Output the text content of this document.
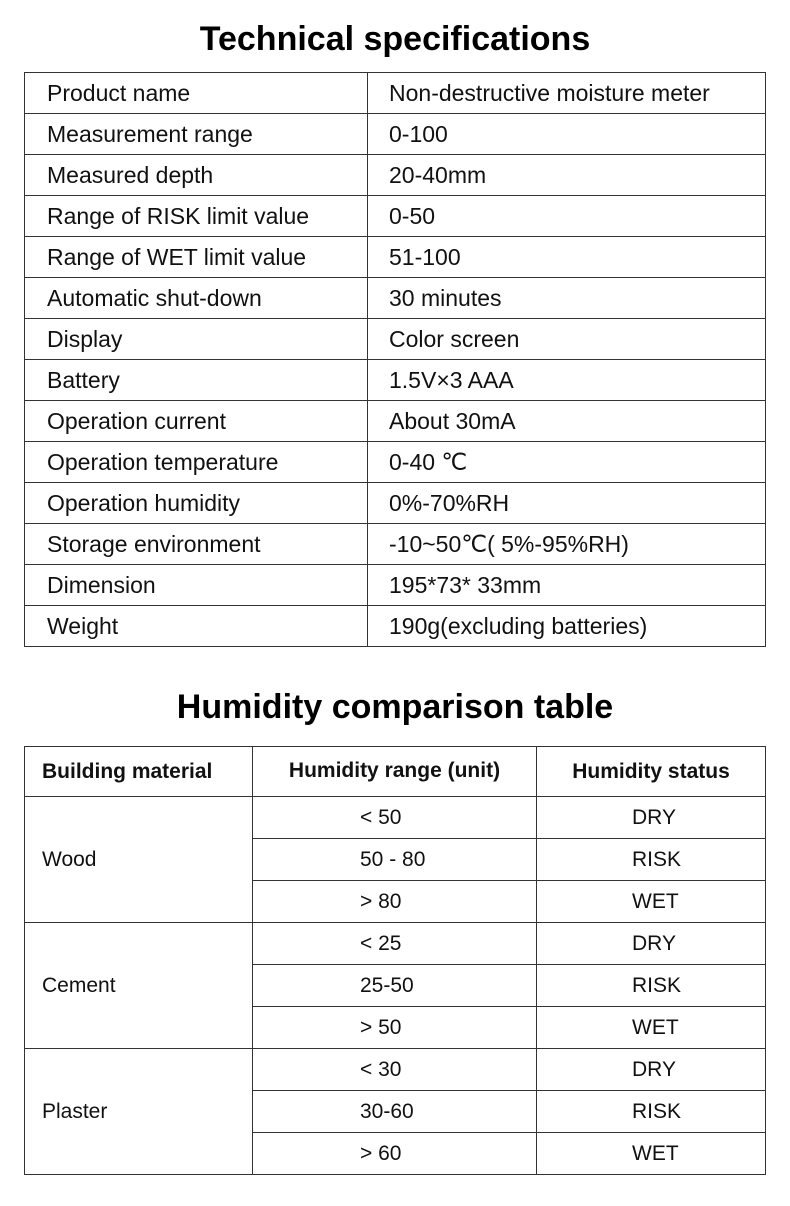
Technical specifications
Product name	Non-destructive moisture meter
Measurement range	0-100
Measured depth	20-40mm
Range of RISK limit value	0-50
Range of WET limit value	51-100
Automatic shut-down	30 minutes
Display	Color screen
Battery	1.5V×3 AAA
Operation current	About 30mA
Operation temperature	0-40 ℃
Operation humidity	0%-70%RH
Storage environment	-10~50℃( 5%-95%RH)
Dimension	195*73* 33mm
Weight	190g(excluding batteries)
Humidity comparison table
Building material	Humidity range (unit)	Humidity status
Wood	< 50	DRY
	50 - 80	RISK
	> 80	WET
Cement	< 25	DRY
	25-50	RISK
	> 50	WET
Plaster	< 30	DRY
	30-60	RISK
	> 60	WET
